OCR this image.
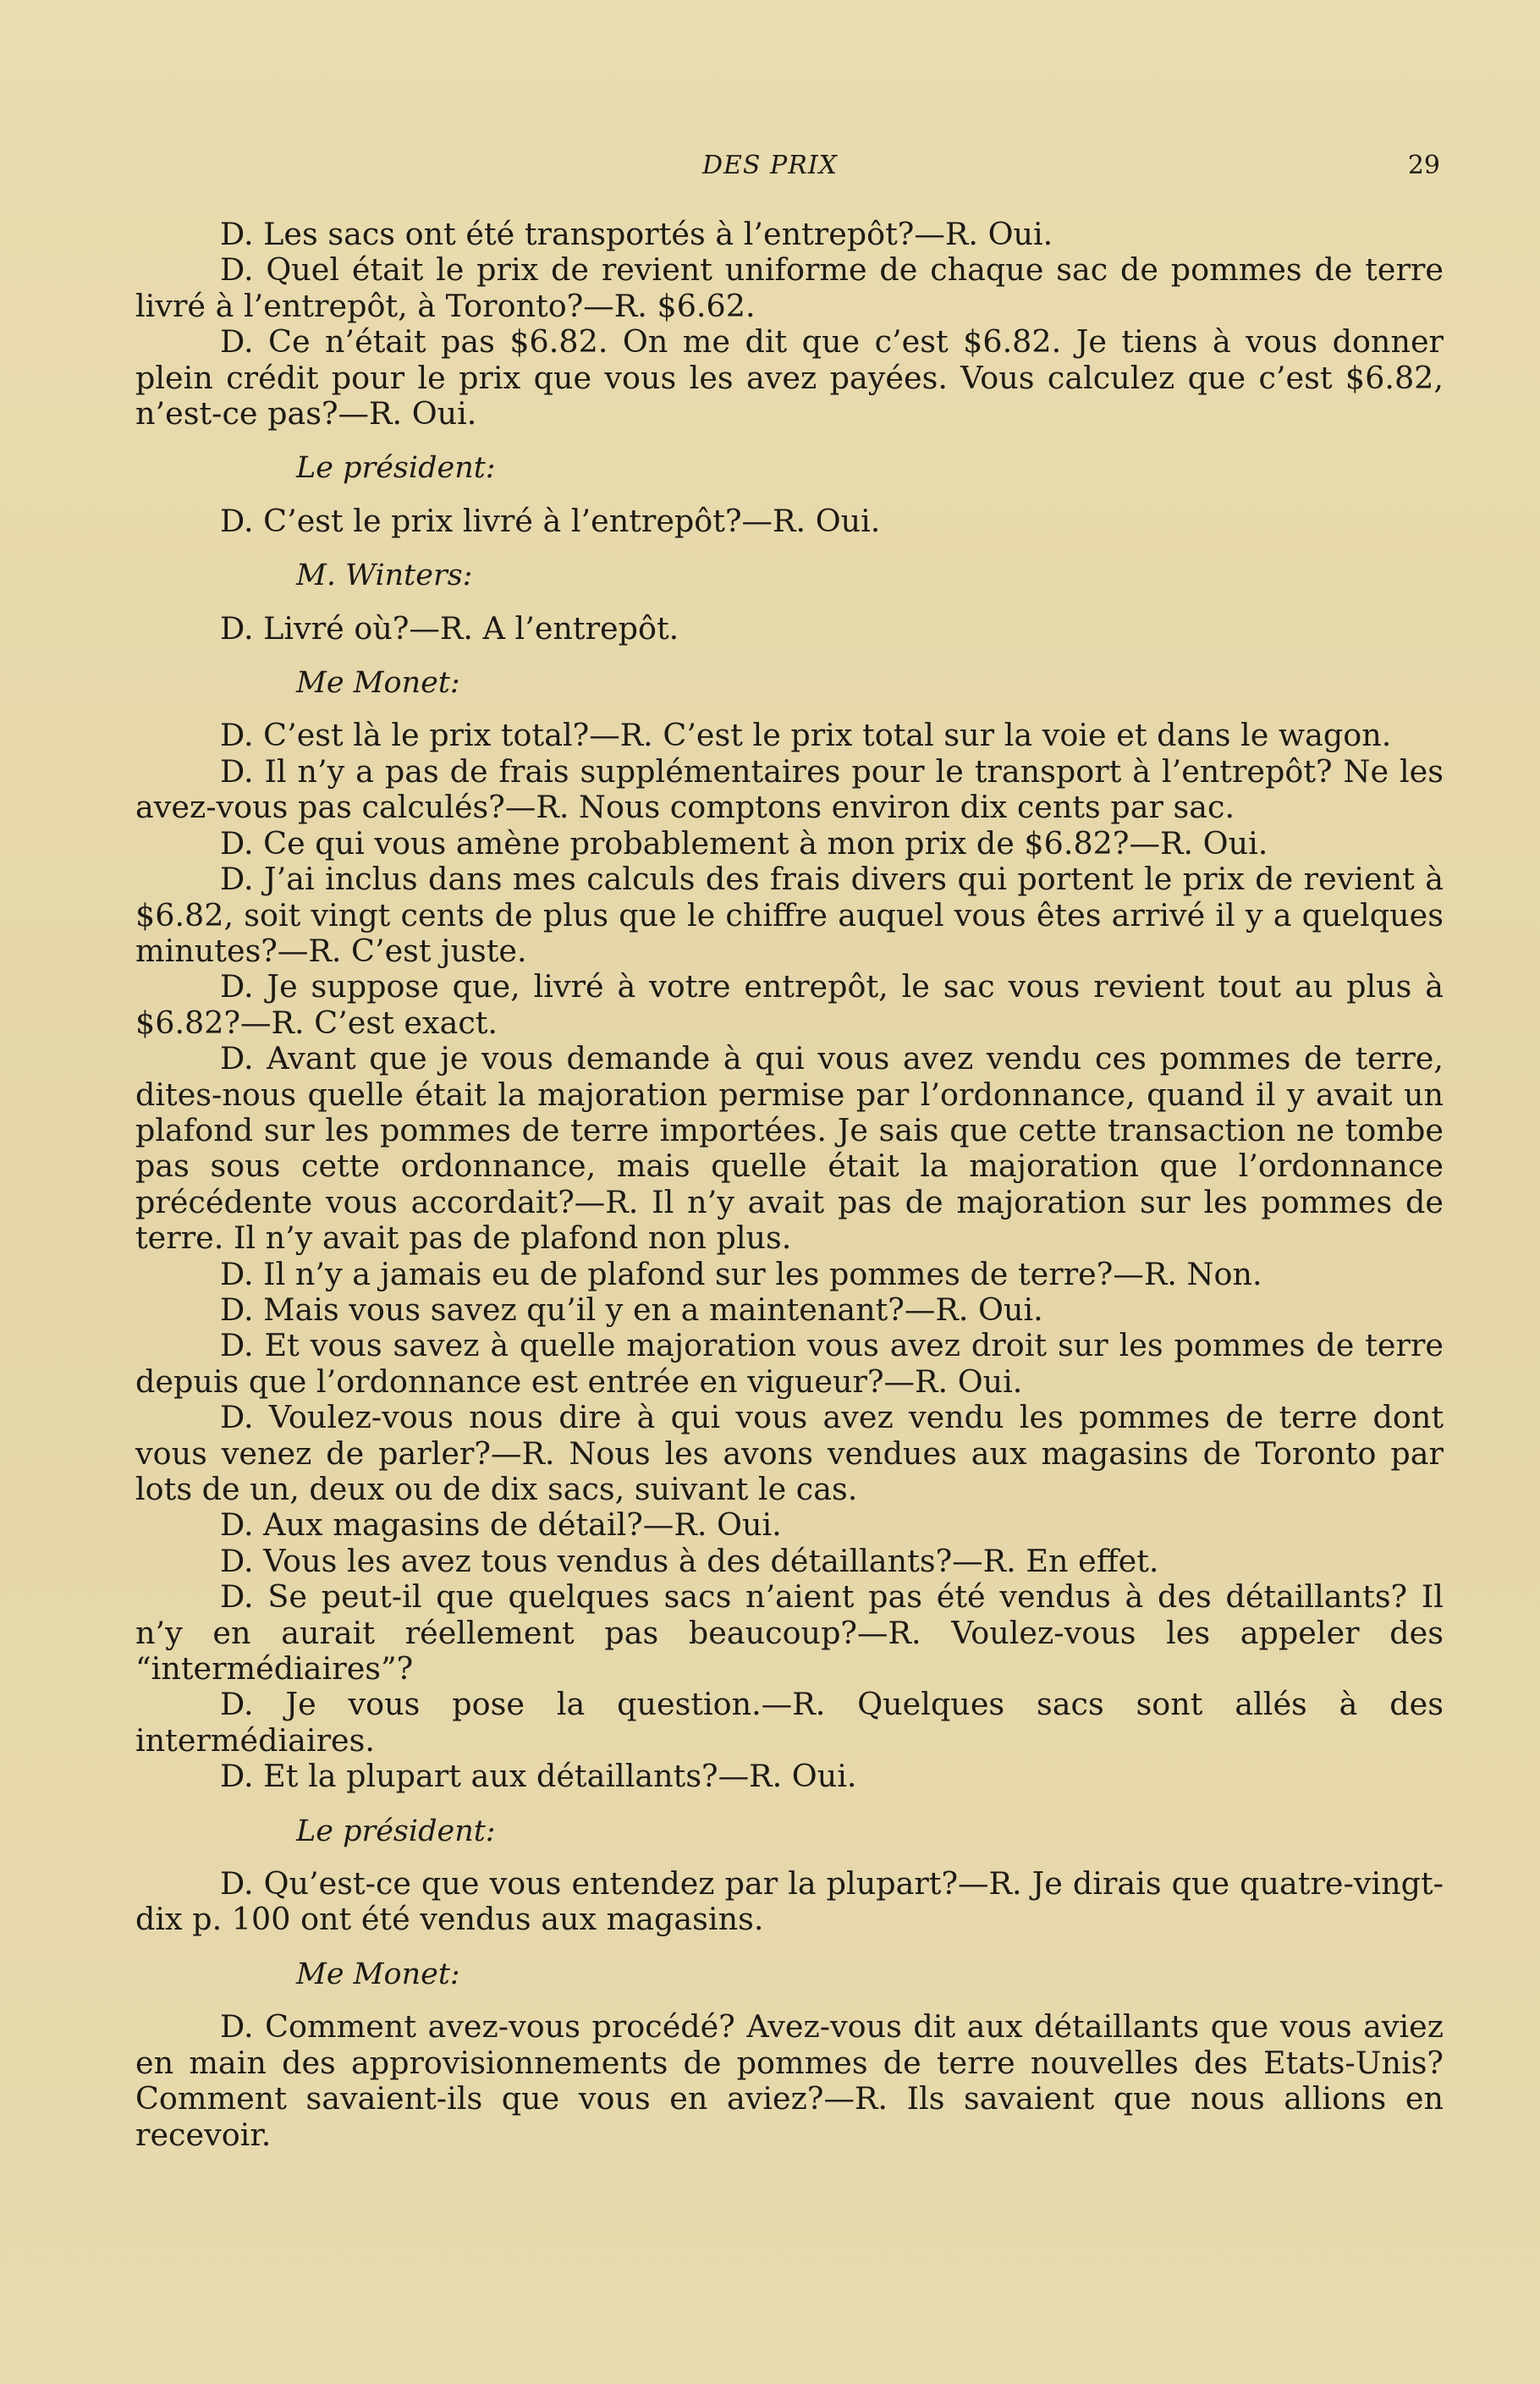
DES PRIX	29

D. Les sacs ont été transportés à l’entrepôt?—R. Oui.

D. Quel était le prix de revient uniforme de chaque sac de pommes de terre livré à l’entrepôt, à Toronto?—R. $6.62.

D. Ce n’était pas $6.82. On me dit que c’est $6.82. Je tiens à vous donner plein crédit pour le prix que vous les avez payées. Vous calculez que c’est $6.82, n’est-ce pas?—R. Oui.

Le président:

D. C’est le prix livré à l’entrepôt?—R. Oui.

M. Winters:

D. Livré où?—R. A l’entrepôt.

Me Monet:

D. C’est là le prix total?—R. C’est le prix total sur la voie et dans le wagon.

D. Il n’y a pas de frais supplémentaires pour le transport à l’entrepôt? Ne les avez-vous pas calculés?—R. Nous comptons environ dix cents par sac.

D. Ce qui vous amène probablement à mon prix de $6.82?—R. Oui.

D. J’ai inclus dans mes calculs des frais divers qui portent le prix de revient à $6.82, soit vingt cents de plus que le chiffre auquel vous êtes arrivé il y a quelques minutes?—R. C’est juste.

D. Je suppose que, livré à votre entrepôt, le sac vous revient tout au plus à $6.82?—R. C’est exact.

D. Avant que je vous demande à qui vous avez vendu ces pommes de terre, dites-nous quelle était la majoration permise par l’ordonnance, quand il y avait un plafond sur les pommes de terre importées. Je sais que cette transaction ne tombe pas sous cette ordonnance, mais quelle était la majoration que l’ordonnance précédente vous accordait?—R. Il n’y avait pas de majoration sur les pommes de terre. Il n’y avait pas de plafond non plus.

D. Il n’y a jamais eu de plafond sur les pommes de terre?—R. Non.

D. Mais vous savez qu’il y en a maintenant?—R. Oui.

D. Et vous savez à quelle majoration vous avez droit sur les pommes de terre depuis que l’ordonnance est entrée en vigueur?—R. Oui.

D. Voulez-vous nous dire à qui vous avez vendu les pommes de terre dont vous venez de parler?—R. Nous les avons vendues aux magasins de Toronto par lots de un, deux ou de dix sacs, suivant le cas.

D. Aux magasins de détail?—R. Oui.

D. Vous les avez tous vendus à des détaillants?—R. En effet.

D. Se peut-il que quelques sacs n’aient pas été vendus à des détaillants? Il n’y en aurait réellement pas beaucoup?—R. Voulez-vous les appeler des “intermédiaires”?

D. Je vous pose la question.—R. Quelques sacs sont allés à des intermédiaires.

D. Et la plupart aux détaillants?—R. Oui.

Le président:

D. Qu’est-ce que vous entendez par la plupart?—R. Je dirais que quatre-vingt-dix p. 100 ont été vendus aux magasins.

Me Monet:

D. Comment avez-vous procédé? Avez-vous dit aux détaillants que vous aviez en main des approvisionnements de pommes de terre nouvelles des Etats-Unis? Comment savaient-ils que vous en aviez?—R. Ils savaient que nous allions en recevoir.
